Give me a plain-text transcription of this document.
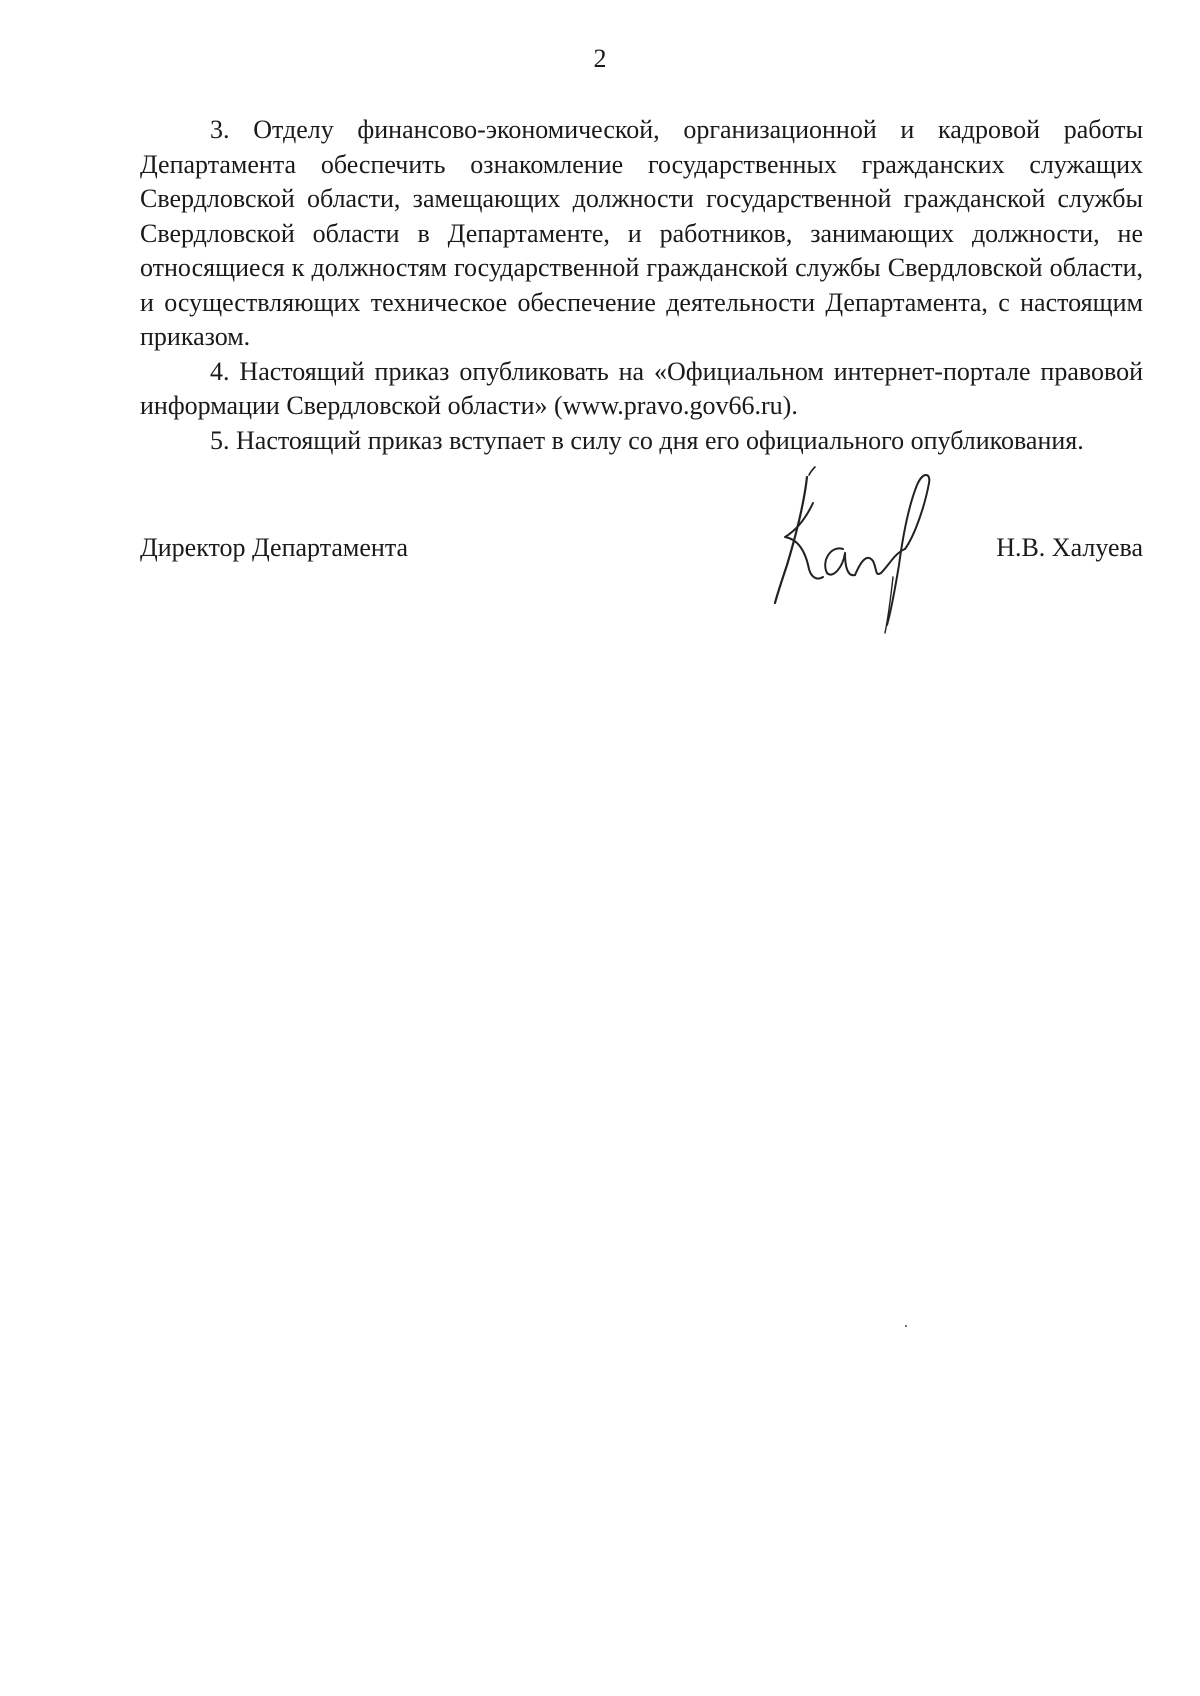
2

3. Отделу финансово-экономической, организационной и кадровой работы Департамента обеспечить ознакомление государственных гражданских служащих Свердловской области, замещающих должности государственной гражданской службы Свердловской области в Департаменте, и работников, занимающих должности, не относящиеся к должностям государственной гражданской службы Свердловской области, и осуществляющих техническое обеспечение деятельности Департамента, с настоящим приказом.

4. Настоящий приказ опубликовать на «Официальном интернет-портале правовой информации Свердловской области» (www.pravo.gov66.ru).

5. Настоящий приказ вступает в силу со дня его официального опубликования.

Директор Департамента	Н.В. Халуева
